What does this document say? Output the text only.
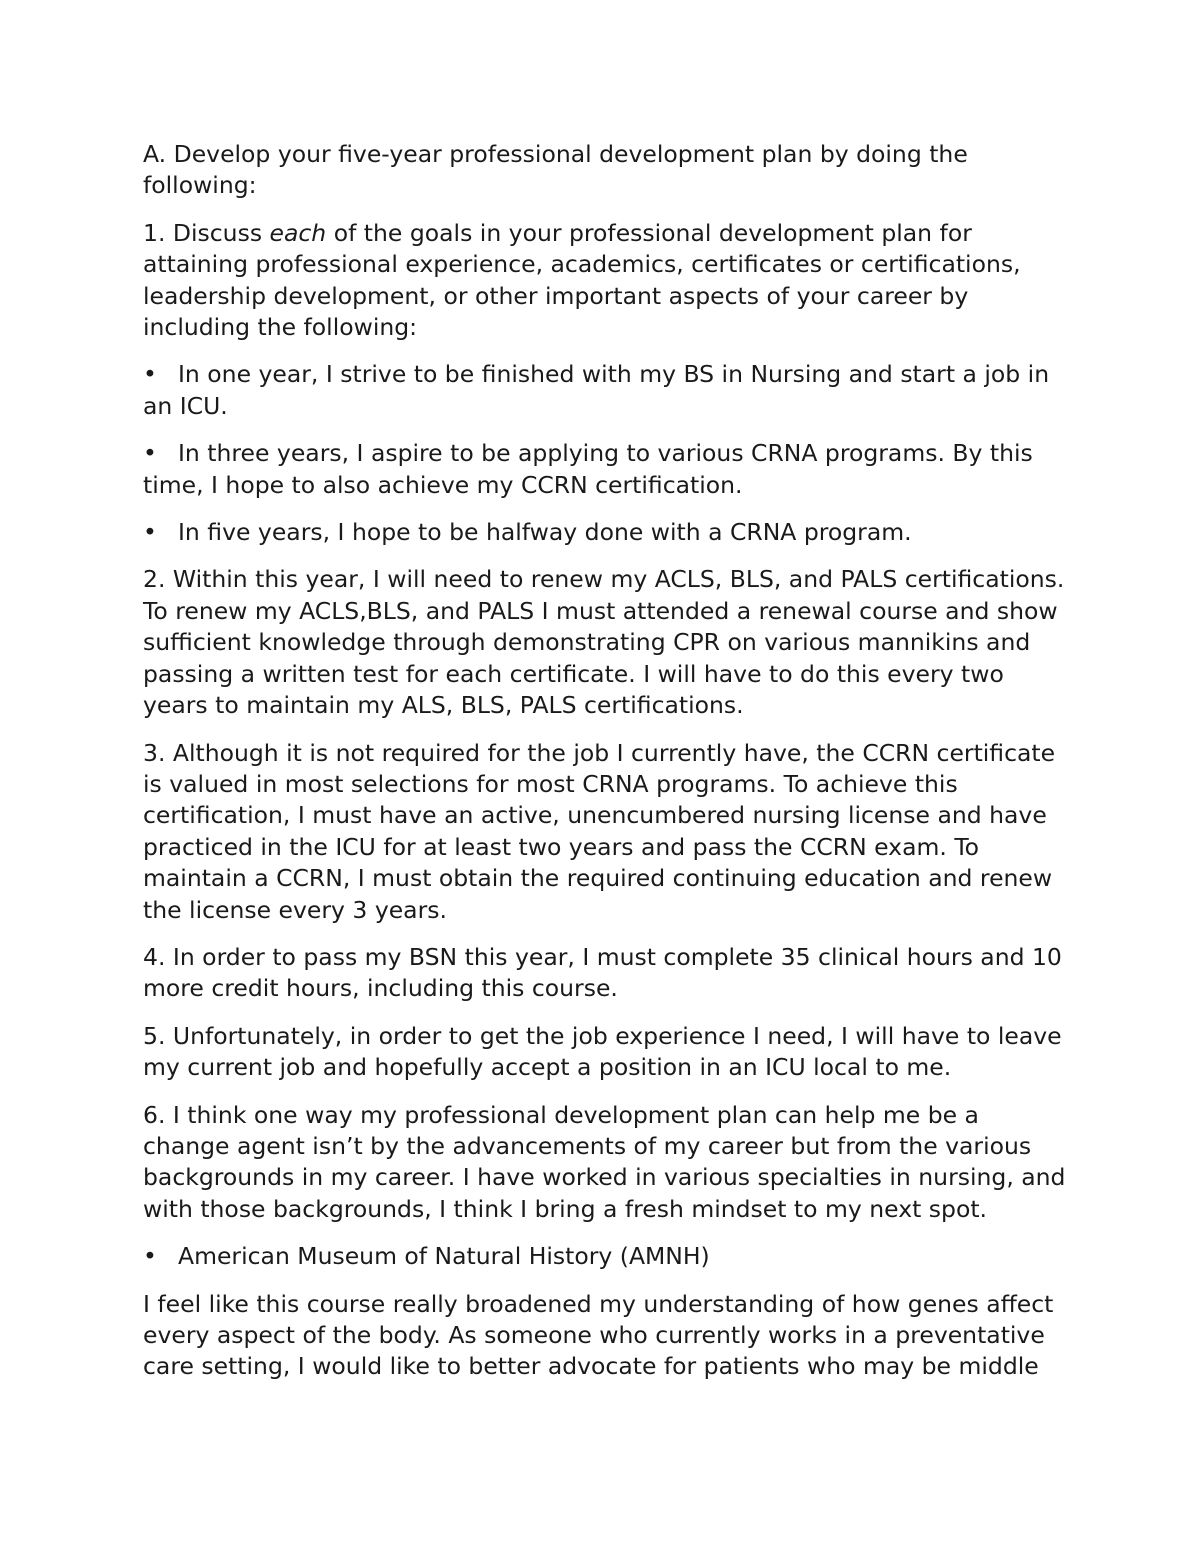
A. Develop your five-year professional development plan by doing the following:

1. Discuss each of the goals in your professional development plan for attaining professional experience, academics, certificates or certifications, leadership development, or other important aspects of your career by including the following:

• In one year, I strive to be finished with my BS in Nursing and start a job in an ICU.

• In three years, I aspire to be applying to various CRNA programs. By this time, I hope to also achieve my CCRN certification.

• In five years, I hope to be halfway done with a CRNA program.

2. Within this year, I will need to renew my ACLS, BLS, and PALS certifications. To renew my ACLS,BLS, and PALS I must attended a renewal course and show sufficient knowledge through demonstrating CPR on various mannikins and passing a written test for each certificate. I will have to do this every two years to maintain my ALS, BLS, PALS certifications.

3. Although it is not required for the job I currently have, the CCRN certificate is valued in most selections for most CRNA programs. To achieve this certification, I must have an active, unencumbered nursing license and have practiced in the ICU for at least two years and pass the CCRN exam. To maintain a CCRN, I must obtain the required continuing education and renew the license every 3 years.

4. In order to pass my BSN this year, I must complete 35 clinical hours and 10 more credit hours, including this course.

5. Unfortunately, in order to get the job experience I need, I will have to leave my current job and hopefully accept a position in an ICU local to me.

6. I think one way my professional development plan can help me be a change agent isn’t by the advancements of my career but from the various backgrounds in my career. I have worked in various specialties in nursing, and with those backgrounds, I think I bring a fresh mindset to my next spot.

• American Museum of Natural History (AMNH)

I feel like this course really broadened my understanding of how genes affect every aspect of the body. As someone who currently works in a preventative care setting, I would like to better advocate for patients who may be middle
